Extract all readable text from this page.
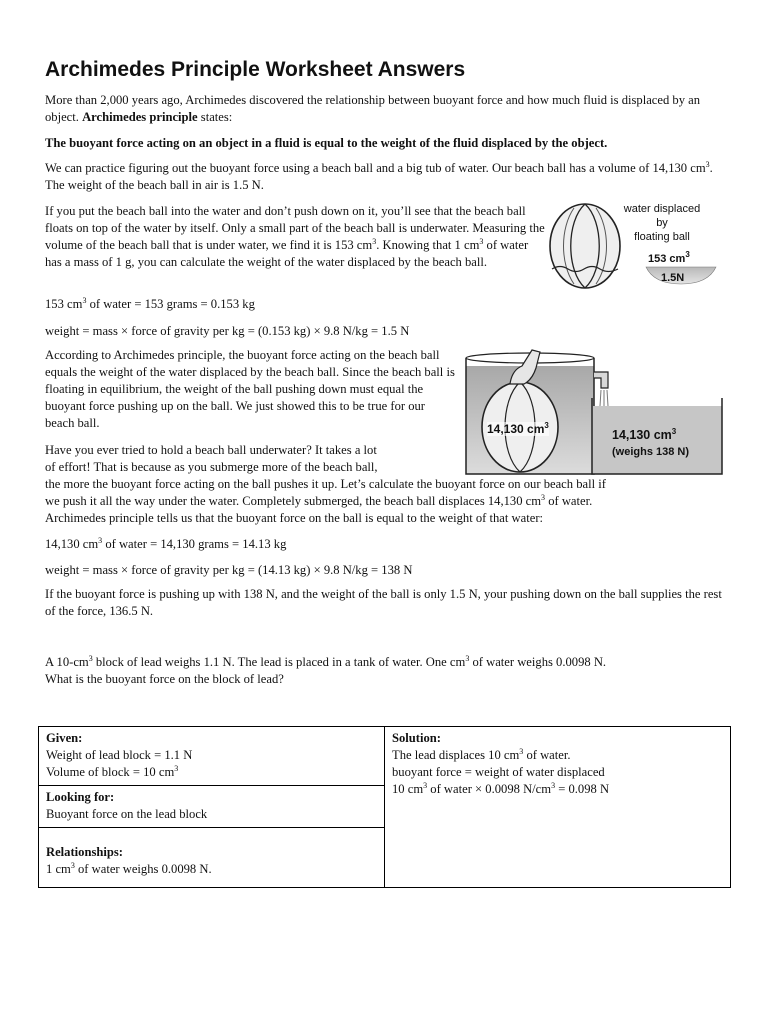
Archimedes Principle Worksheet Answers

More than 2,000 years ago, Archimedes discovered the relationship between buoyant force and how much fluid is displaced by an object. Archimedes principle states:

The buoyant force acting on an object in a fluid is equal to the weight of the fluid displaced by the object.

We can practice figuring out the buoyant force using a beach ball and a big tub of water. Our beach ball has a volume of 14,130 $cm^3$. The weight of the beach ball in air is 1.5 N.

If you put the beach ball into the water and don’t push down on it, you’ll see that the beach ball floats on top of the water by itself. Only a small part of the beach ball is underwater. Measuring the volume of the beach ball that is under water, we find it is 153 $cm^3$. Knowing that 1 $cm^3$ of water has a mass of 1 g, you can calculate the weight of the water displaced by the beach ball.

153 $cm^3$ of water = 153 grams = 0.153 kg
weight = mass × force of gravity per kg = (0.153 kg) × 9.8 N/kg = 1.5 N

According to Archimedes principle, the buoyant force acting on the beach ball equals the weight of the water displaced by the beach ball. Since the beach ball is floating in equilibrium, the weight of the ball pushing down must equal the buoyant force pushing up on the ball. We just showed this to be true for our beach ball.

Have you ever tried to hold a beach ball underwater? It takes a lot
of effort! That is because as you submerge more of the beach ball,
the more the buoyant force acting on the ball pushes it up. Let’s calculate the buoyant force on our beach ball if
we push it all the way under the water. Completely submerged, the beach ball displaces 14,130 $cm^3$ of water.
Archimedes principle tells us that the buoyant force on the ball is equal to the weight of that water:
14,130 $cm^3$ of water = 14,130 grams = 14.13 kg
weight = mass × force of gravity per kg = (14.13 kg) × 9.8 N/kg = 138 N
If the buoyant force is pushing up with 138 N, and the weight of the ball is only 1.5 N, your pushing down on the ball supplies the rest of the force, 136.5 N.
A $10-cm^3$ block of lead weighs 1.1 N. The lead is placed in a tank of water. One $cm^3$ of water weighs 0.0098 N.
What is the buoyant force on the block of lead?
water displaced
by
floating ball
153 $cm^3$
1.5N
14,130 $cm^3$
14,130 $cm^3$
(weighs 138 N)
Given:
Weight of lead block = 1.1 N
Volume of block = 10 $cm^3$

Solution:
The lead displaces 10 $cm^3$ of water.
buoyant force = weight of water displaced
10 $cm^3$ of water × 0.0098 $N/cm^3 = 0.098$ N

Looking for:
Buoyant force on the lead block

Relationships:
1 $cm^3$ of water weighs 0.0098 N.
